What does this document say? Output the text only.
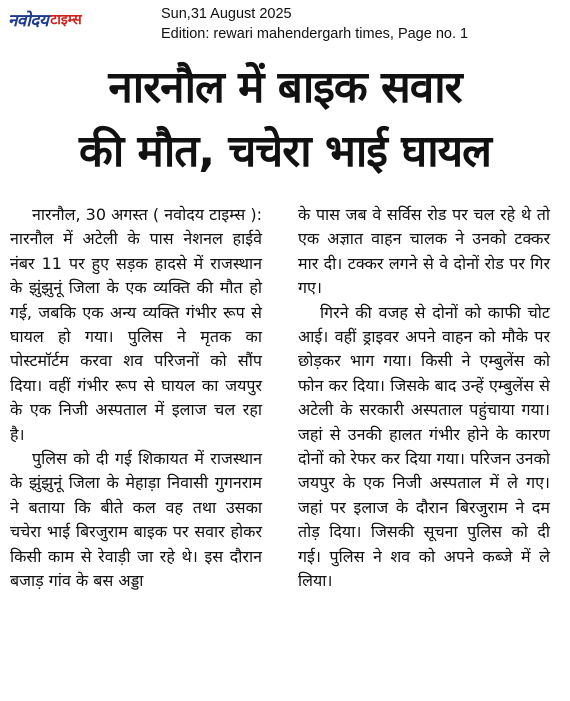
नवोदय टाइम्स	Sun,31 August 2025
Edition: rewari mahendergarh times, Page no. 1
नारनौल में बाइक सवार
की मौत, चचेरा भाई घायल

नारनौल, 30 अगस्त ( नवोदय टाइम्स ): नारनौल में अटेली के पास नेशनल हाईवे नंबर 11 पर हुए सड़क हादसे में राजस्थान के झुंझुनूं जिला के एक व्यक्ति की मौत हो गई, जबकि एक अन्य व्यक्ति गंभीर रूप से घायल हो गया। पुलिस ने मृतक का पोस्टमॉर्टम करवा शव परिजनों को सौंप दिया। वहीं गंभीर रूप से घायल का जयपुर के एक निजी अस्पताल में इलाज चल रहा है।

पुलिस को दी गई शिकायत में राजस्थान के झुंझुनूं जिला के मेहाड़ा निवासी गुगनराम ने बताया कि बीते कल वह तथा उसका चचेरा भाई बिरजुराम बाइक पर सवार होकर किसी काम से रेवाड़ी जा रहे थे। इस दौरान बजाड़ गांव के बस अड्डा

के पास जब वे सर्विस रोड पर चल रहे थे तो एक अज्ञात वाहन चालक ने उनको टक्कर मार दी। टक्कर लगने से वे दोनों रोड पर गिर गए।

गिरने की वजह से दोनों को काफी चोट आई। वहीं ड्राइवर अपने वाहन को मौके पर छोड़कर भाग गया। किसी ने एम्बुलेंस को फोन कर दिया। जिसके बाद उन्हें एम्बुलेंस से अटेली के सरकारी अस्पताल पहुंचाया गया। जहां से उनकी हालत गंभीर होने के कारण दोनों को रेफर कर दिया गया। परिजन उनको जयपुर के एक निजी अस्पताल में ले गए। जहां पर इलाज के दौरान बिरजुराम ने दम तोड़ दिया। जिसकी सूचना पुलिस को दी गई। पुलिस ने शव को अपने कब्जे में ले लिया।
